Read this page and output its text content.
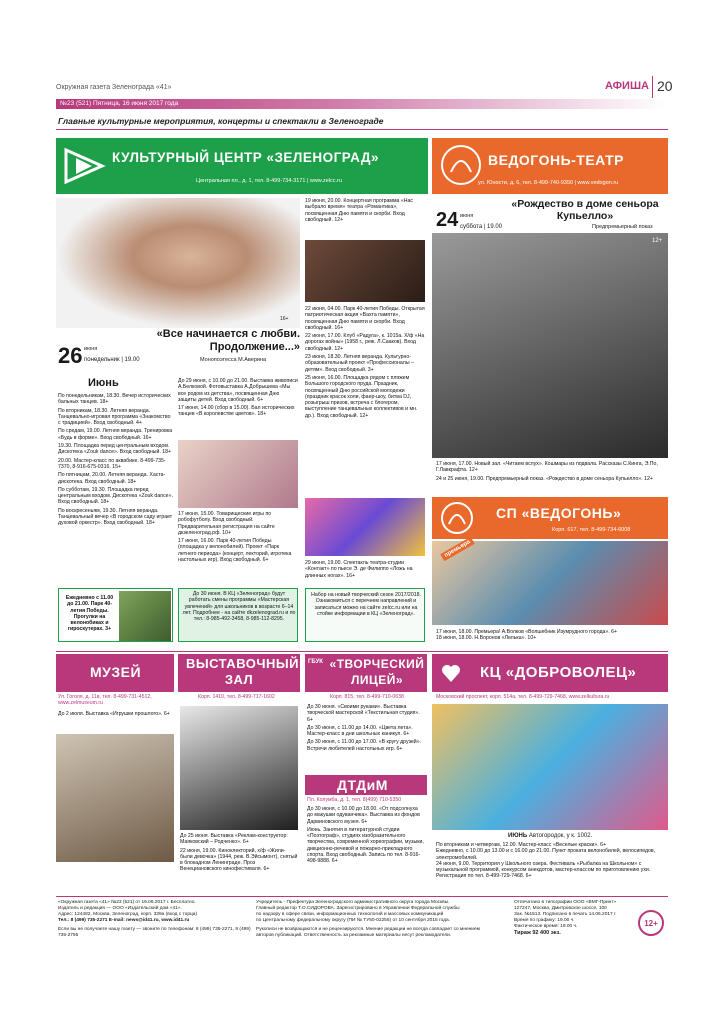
Окружная газета Зеленограда «41»	АФИША 20
№23 (521) Пятница, 16 июня 2017 года
Главные культурные мероприятия, концерты и спектакли в Зеленограде
КУЛЬТУРНЫЙ ЦЕНТР «ЗЕЛЕНОГРАД»
Центральная пл., д. 1, тел. 8-499-734-3171 | www.zelcc.ru
16+
«Все начинается с любви. Продолжение...»
Монопоэтесса М.Аверина
26 июня
понедельник | 19.00
Июнь
По понедельникам, 18.30. Вечер исторических бальных танцев. 18+
По вторникам, 18.30. Летняя веранда. Танцевально-игровая программа «Знакомство с традицией». Вход свободный. 4+
По средам, 19.00. Летняя веранда. Тренировка «Будь в форме». Вход свободный. 16+
19.30. Площадка перед центральным входом. Дискотека «Zouk dance». Вход свободный. 18+
20.00. Мастер-класс по аквабике. 8-499-735-7370, 8-916-675-0316. 15+
По пятницам, 20.00. Летняя веранда. Хаста-дискотека. Вход свободный. 18+
По субботам, 19.30. Площадка перед центральным входом. Дискотека «Zouk dance». Вход свободный. 18+
По воскресеньям, 19.30. Летняя веранда. Танцевальный вечер «В городском саду играет духовой оркестр». Вход свободный. 18+
Ежедневно с 11.00 до 21.00. Парк 40-летия Победы. Прогулки на велонобиках и гироскутерах. 3+
До 29 июня, с 10.00 до 21.00. Выставка живописи А.Белковой. Фотовыставка А.Добрышева «Мы все родом из детства», посвященная Дню защиты детей. Вход свободный. 6+
17 июня, 14.00 (сбор в 15.00). Бал исторических танцев «В королевстве цветов». 18+
17 июня, 15.00. Товарищеские игры по робофутболу. Вход свободный. Предварительная регистрация на сайте дкзеленоград.рф. 10+
17 июня, 16.00. Парк 40-летия Победы (площадка у велонобилей). Проект «Парк летнего периода» (концерт, лекторий, игротека настольных игр). Вход свободный. 6+
До 30 июня. В КЦ «Зеленоград» будут работать смены программы «Мастерская увлечений» для школьников в возрасте 6–14 лет. Подробнее - на сайте dkzelenograd.ru и по тел.: 8-985-492-3458, 8-985-112-8295.
19 июня, 20.00. Концертная программа «Нас выбрало время» театра «Романтика», посвященная Дню памяти и скорби. Вход свободный. 12+
22 июня, 04.00. Парк 40-летия Победы. Открытая патриотическая акция «Вахта памяти», посвященная Дню памяти и скорби. Вход свободный. 16+
22 июня, 17.00. Клуб «Радуга», к. 1015а. Х/ф «На дорогах войны» (1958 г., реж. Л.Сааков). Вход свободный. 12+
23 июня, 18.30. Летняя веранда. Культурно-образовательный проект «Профессионалы – детям». Вход свободный. 3+
25 июня, 16.00. Площадка рядом с пляжем Большого городского пруда. Праздник, посвященный Дню российской молодежи (праздник красок холи, фаер-шоу, битва DJ, розыгрыш призов, встреча с блогером, выступление танцевальных коллективов и мн. др.). Вход свободный. 12+
29 июня, 19.00. Спектакль театра-студии «Контакт» по пьесе Э. де Филиппо «Ложь на длинных ногах». 16+
Набор на новый творческий сезон 2017/2018. Ознакомиться с перечнем направлений и записаться можно на сайте zelcc.ru или на стойке информации в КЦ «Зеленоград».
ВЕДОГОНЬ-ТЕАТР
ул. Юности, д. 6, тел. 8-499-740-9350 | www.vedogon.ru
«Рождество в доме сеньора Купьелло»
24 июня
суббота | 19.00	Предпремьерный показ
12+
17 июня, 17.00. Новый зал. «Читаем вслух». Кошмары из подвала. Рассказы С.Кинга, Э.По, Г.Лавкрафта. 12+
24 и 25 июня, 19.00. Предпремьерный показ. «Рождество в доме сеньора Купьелло». 12+
СП «ВЕДОГОНЬ»
Корп. 617, тел. 8-499-734-6008
премьера
17 июня, 18.00. Премьера! А.Волков «Волшебник Изумрудного города». 6+
18 июня, 18.00. Н.Воронов «Лелька». 10+
МУЗЕЙ
Ул. Гоголя, д. 11в, тел. 8-499-731-4512, www.zelmuseum.ru
До 2 июля. Выставка «Игрушки прошлого». 6+
ВЫСТАВОЧНЫЙ ЗАЛ
Корп. 1410, тел. 8-499-717-1602
До 25 июня. Выставка «Реклам-конструктор: Маяковский – Родченко». 6+
22 июня, 19.00. Киноклекторий, х/ф «Жили-были девочка» (1944, реж. В.Эйсымонт), снятый в блокадном Ленинграде. Проз Венециановского кинофестиваля. 6+
ГБУК «ТВОРЧЕСКИЙ ЛИЦЕЙ»
Корп. 815, тел. 8-499-710-0638
До 30 июня. «Своими руками». Выставка творческой мастерской «Текстильная студия». 6+
До 30 июня, с 11.00 до 14.00. «Цвета лета». Мастер-класс в дни школьных каникул. 6+
До 30 июня, с 11.00 до 17.00. «В кругу друзей». Встречи любителей настольных игр. 6+
ДТДиМ
Пл. Колумба, д. 1, тел. 8(499) 710-5350
До 30 июня, с 10.00 до 18.00. «От подсолнуха до макушки одуванчика». Выставка из фондов Дарвиновского музея. 6+
Июнь. Занятия в литературной студии «Поэтограф», студиях изобразительного творчества, современной хореографии, музыки, дикционно-речевой и пожарно-прикладного спорта. Вход свободный. Запись по тел. 8-916-498-9888. 6+
КЦ «ДОБРОВОЛЕЦ»
Московский проспект, корп. 514а, тел. 8-499-729-7468, www.zelkultura.ru
ИЮНЬ Автогородок, у к. 1002.
По вторникам и четвергам, 12.00. Мастер-класс «Веселые краски». 6+
Ежедневно, с 10.00 до 13.00 и с 16.00 до 21.00. Пункт проката велонобилей, велосипедов, электромобилей.
24 июня, 9.00. Территория у Школьного озера. Фестиваль «Рыбалка на Школьном» с музыкальной программой, конкурсом анекдотов, мастер-классом по приготовлению ухи. Регистрация по тел. 8-499-729-7468. 6+
«Окружная газета «41» №23 (521) от 16.06.2017 г. Бесплатно.
Издатель и редакция — ООО «Издательский дом «41».
Адрес: 124482, Москва, Зеленоград, корп. 339а (вход с торца)
Тел.: 8 (499) 735-2271 E-mail: news@id41.ru, www.id41.ru
Если вы не получаете нашу газету — звоните по телефонам: 8 (499) 735-2271, 8 (499) 735-2795
Учредитель - Префектура Зеленоградского административного округа города Москвы.
Главный редактор Т.О.СИДОРОВА. Зарегистрировано в Управлении Федеральной службы
по надзору в сфере связи, информационных технологий и массовых коммуникаций
по Центральному федеральному округу (ПИ № ТУ50-02255) от 10 сентября 2015 года.
Рукописи не возвращаются и не рецензируются. Мнение редакции не всегда совпадает со мнением авторов публикаций. Ответственность за рекламные материалы несут рекламодатели.
Отпечатано в типографии ООО «ВМГ-Принт»
127247, Москва, Дмитровское шоссе, 100
Зак. №1513. Подписано в печать 14.06.2017 г.
Время по графику: 19.00 ч.
Фактическое время: 19.00 ч.
Тираж 92 400 экз.
12+
